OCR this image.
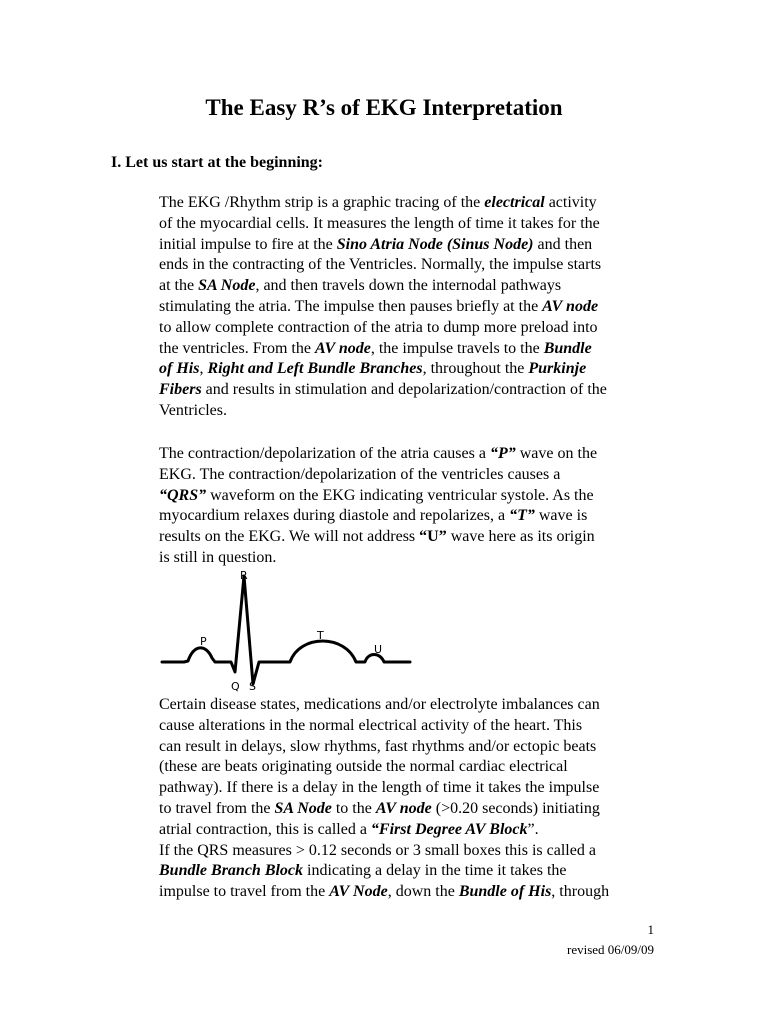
The Easy R’s of EKG Interpretation
I. Let us start at the beginning:
The EKG /Rhythm strip is a graphic tracing of the electrical activity
of the myocardial cells. It measures the length of time it takes for the
initial impulse to fire at the Sino Atria Node (Sinus Node) and then
ends in the contracting of the Ventricles. Normally, the impulse starts
at the SA Node, and then travels down the internodal pathways
stimulating the atria. The impulse then pauses briefly at the AV node
to allow complete contraction of the atria to dump more preload into
the ventricles. From the AV node, the impulse travels to the Bundle
of His, Right and Left Bundle Branches, throughout the Purkinje
Fibers and results in stimulation and depolarization/contraction of the
Ventricles.
The contraction/depolarization of the atria causes a “P” wave on the
EKG. The contraction/depolarization of the ventricles causes a
“QRS” waveform on the EKG indicating ventricular systole. As the
myocardium relaxes during diastole and repolarizes, a “T” wave is
results on the EKG. We will not address “U” wave here as its origin
is still in question.
R
P	T
U
Q S
Certain disease states, medications and/or electrolyte imbalances can
cause alterations in the normal electrical activity of the heart. This
can result in delays, slow rhythms, fast rhythms and/or ectopic beats
(these are beats originating outside the normal cardiac electrical
pathway). If there is a delay in the length of time it takes the impulse
to travel from the SA Node to the AV node (>0.20 seconds) initiating
atrial contraction, this is called a “First Degree AV Block”.
If the QRS measures > 0.12 seconds or 3 small boxes this is called a
Bundle Branch Block indicating a delay in the time it takes the
impulse to travel from the AV Node, down the Bundle of His, through
1
revised 06/09/09
